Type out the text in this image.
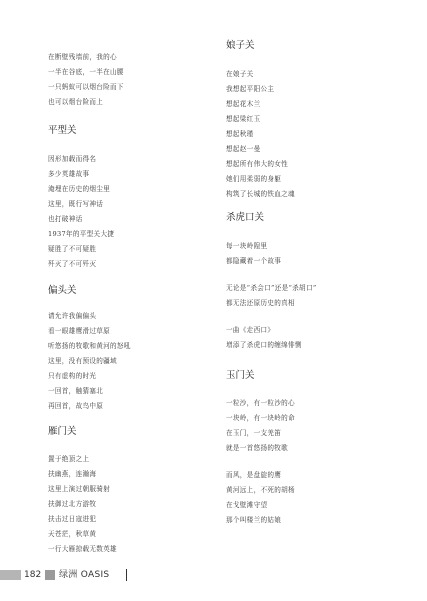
在断壁残墙前，我的心
一半在谷底，一半在山腰
一只蚂蚁可以烟台险而下
也可以烟台险而上
平型关
因形加载而得名
多少英雄故事
淹埋在历史的烟尘里
这里，既行写神话
也打破神话
1937年的平型关大捷
疑胜了不可疑胜
歼灭了不可歼灭
偏头关
请允许我偏偏头
看一眼雄鹰滑过草原
听悠扬的牧歌和黄河的怒吼
这里，没有预设的疆域
只有虚构的时光
一回首，触猜塞北
再回首，故鸟中原
雁门关
置于绝顶之上
扶幽燕，连瀚海
这里上演过朝服骑射
扶御过北方游牧
扶击过日寇进犯
天苍茫，秋草黄
一行大雁掠载无数英雄
娘子关
在娘子关
我想起平阳公主
想起花木兰
想起梁红玉
想起秋瑾
想起赵一曼
想起所有伟大的女性
她们用柔弱的身躯
构筑了长城的铁血之魂
杀虎口关
每一块岭隍里
都隐藏着一个故事
无论是“杀会口”还是“杀胡口”
都无法还原历史的真相
一曲《走西口》
增添了杀虎口的缠绵悱恻
玉门关
一粒沙，有一粒沙的心
一块岭，有一块岭的命
在玉门，一支羌笛
就是一首悠扬的牧歌
而风，是盘旋的鹰
黄河远上，不死的胡杨
在戈壁滩守望
那个叫楼兰的姑娘
182 绿洲 OASIS
